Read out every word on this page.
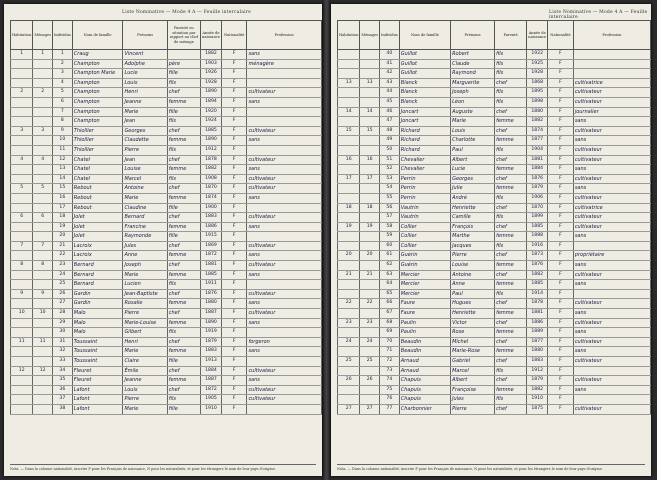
Liste Nominative — Mode 4 A — Feuille intercalaire
Habitation	Ménages	Individus	Nom de famille	Prénoms	Parenté ou situation par rapport au chef de ménage	Année de naissance	Nationalité	Profession
1	1	1	Craug	Vincent		1882	F	sans
		2	Champton	Adolphe	père	1903	F	ménagère
		3	Champton Marie	Lucie	fille	1926	F	
		4	Champton	Louis	fils	1928	F	
2	2	5	Champton	Henri	chef	1890	F	cultivateur
		6	Champton	Jeanne	femme	1894	F	sans
		7	Champton	Marie	fille	1920	F	
		8	Champton	Jean	fils	1924	F	
3	3	9	Thiollier	Georges	chef	1885	F	cultivateur
		10	Thiollier	Claudette	femme	1890	F	sans
		11	Thiollier	Pierre	fils	1912	F	
4	4	12	Chatel	Jean	chef	1878	F	cultivateur
		13	Chatel	Louise	femme	1882	F	sans
		14	Chatel	Marcel	fils	1908	F	cultivateur
5	5	15	Rebout	Antoine	chef	1870	F	cultivateur
		16	Rebout	Marie	femme	1874	F	sans
		17	Rebout	Claudine	fille	1900	F	
6	6	18	Jolet	Bernard	chef	1883	F	cultivateur
		19	Jolet	Francine	femme	1886	F	sans
		20	Jolet	Raymonde	fille	1915	F	
7	7	21	Lacroix	Jules	chef	1869	F	cultivateur
		22	Lacroix	Anne	femme	1872	F	sans
8	8	23	Bernard	Joseph	chef	1881	F	cultivateur
		24	Bernard	Marie	femme	1885	F	sans
		25	Bernard	Lucien	fils	1911	F	
9	9	26	Gardin	Jean-Baptiste	chef	1876	F	cultivateur
		27	Gardin	Rosalie	femme	1880	F	sans
10	10	28	Malo	Pierre	chef	1887	F	cultivateur
		29	Malo	Marie-Louise	femme	1890	F	sans
		30	Malo	Gilbert	fils	1919	F	
11	11	31	Toussaint	Henri	chef	1879	F	forgeron
		32	Toussaint	Marie	femme	1883	F	sans
		33	Toussaint	Claire	fille	1913	F	
12	12	34	Fleuret	Émile	chef	1884	F	cultivateur
		35	Fleuret	Jeanne	femme	1887	F	sans
		36	Lafont	Louis	chef	1872	F	cultivateur
		37	Lafont	Pierre	fils	1905	F	cultivateur
		38	Lafont	Marie	fille	1910	F	
Nota. — Dans la colonne nationalité, inscrire F pour les Français de naissance, N pour les naturalisés, et pour les étrangers le nom de leur pays d'origine.
Liste Nominative — Mode 4 A — Feuille intercalaire
Habitation	Ménages	Individus	Nom de famille	Prénoms	Parenté	Année de naissance	Nationalité	Profession
		40	Guillot	Robert	fils	1922	F	
		41	Guillot	Claude	fils	1925	F	
		42	Guillot	Raymond	fils	1928	F	
13	13	43	Blanck	Marguerite	chef	1868	F	cultivatrice
		44	Blanck	Joseph	fils	1895	F	cultivateur
		45	Blanck	Léon	fils	1898	F	cultivateur
14	14	46	Joncart	Auguste	chef	1880	F	journalier
		47	Joncart	Marie	femme	1882	F	sans
15	15	48	Richard	Louis	chef	1874	F	cultivateur
		49	Richard	Charlotte	femme	1877	F	sans
		50	Richard	Paul	fils	1904	F	cultivateur
16	16	51	Chevalier	Albert	chef	1881	F	cultivateur
		52	Chevalier	Lucie	femme	1884	F	sans
17	17	53	Perrin	Georges	chef	1876	F	cultivateur
		54	Perrin	Julie	femme	1879	F	sans
		55	Perrin	André	fils	1906	F	cultivateur
18	18	56	Vautrin	Henriette	chef	1870	F	cultivatrice
		57	Vautrin	Camille	fils	1899	F	cultivateur
19	19	58	Collier	François	chef	1885	F	cultivateur
		59	Collier	Marthe	femme	1888	F	sans
		60	Collier	Jacques	fils	1916	F	
20	20	61	Guérin	Pierre	chef	1873	F	propriétaire
		62	Guérin	Louise	femme	1876	F	sans
21	21	63	Mercier	Antoine	chef	1882	F	cultivateur
		64	Mercier	Anne	femme	1885	F	sans
		65	Mercier	Paul	fils	1914	F	
22	22	66	Faure	Hugues	chef	1878	F	cultivateur
		67	Faure	Henriette	femme	1881	F	sans
23	23	68	Paulin	Victor	chef	1886	F	cultivateur
		69	Paulin	Rose	femme	1889	F	sans
24	24	70	Beaudin	Michel	chef	1877	F	cultivateur
		71	Beaudin	Marie-Rose	femme	1880	F	sans
25	25	72	Arnaud	Gabriel	chef	1883	F	cultivateur
		73	Arnaud	Marcel	fils	1912	F	
26	26	74	Chapuis	Albert	chef	1879	F	cultivateur
		75	Chapuis	Françoise	femme	1882	F	sans
		76	Chapuis	Jules	fils	1910	F	
27	27	77	Charbonnier	Pierre	chef	1875	F	cultivateur
Nota. — Dans la colonne nationalité, inscrire F pour les Français de naissance, N pour les naturalisés, et pour les étrangers le nom de leur pays d'origine.
